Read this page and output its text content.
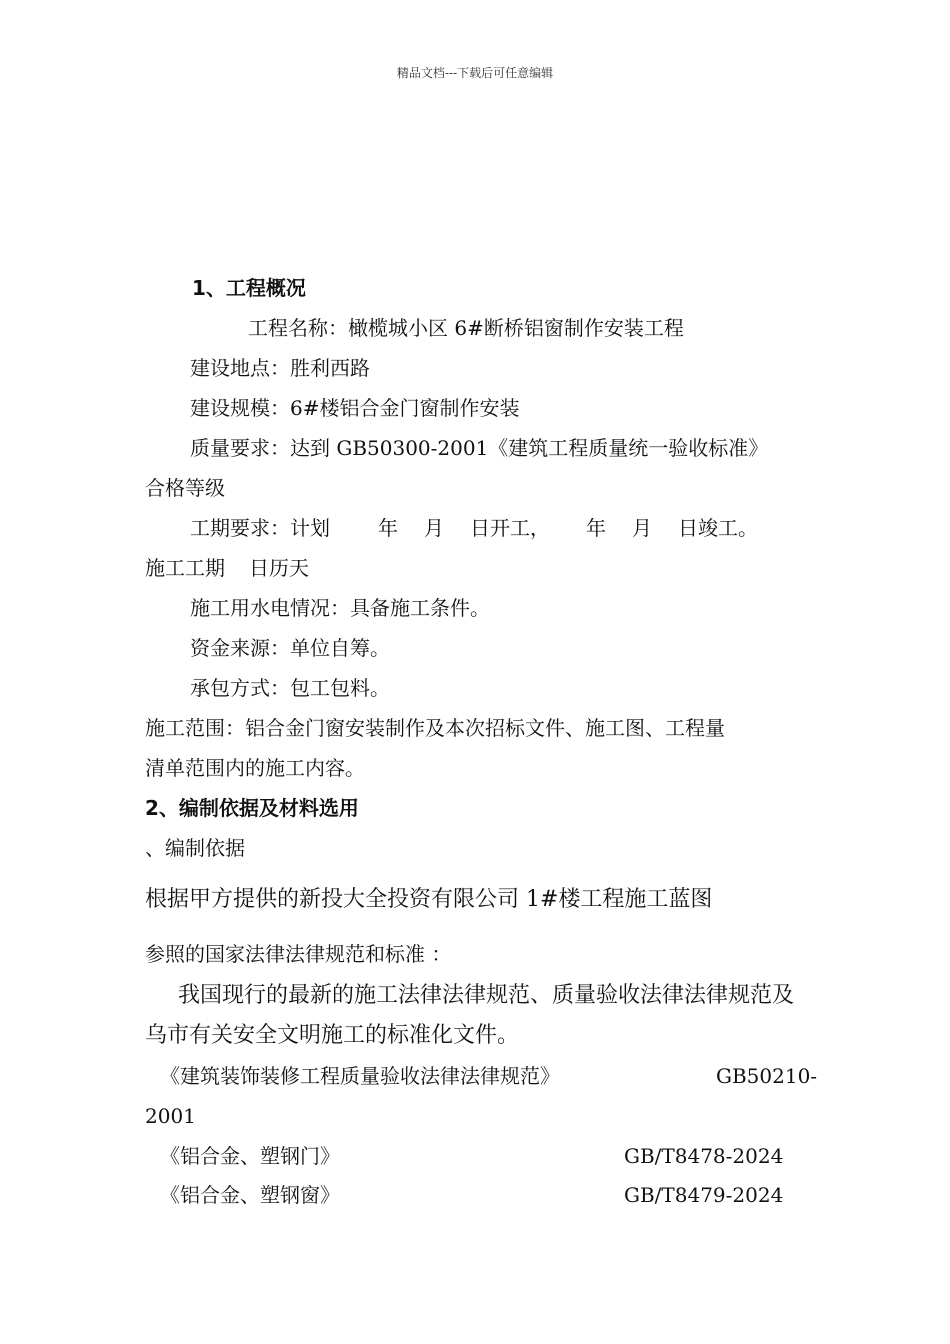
精品文档---下载后可任意编辑
1、工程概况
工程名称：橄榄城小区 6#断桥铝窗制作安装工程
建设地点：胜利西路
建设规模：6#楼铝合金门窗制作安装
质量要求：达到 GB50300-2001《建筑工程质量统一验收标准》
合格等级
工期要求：计划 年 月 日开工， 年 月 日竣工。
施工工期 日历天
施工用水电情况：具备施工条件。
资金来源：单位自筹。
承包方式：包工包料。
施工范围：铝合金门窗安装制作及本次招标文件、施工图、工程量
清单范围内的施工内容。
2、编制依据及材料选用
、编制依据
根据甲方提供的新投大全投资有限公司 1#楼工程施工蓝图
参照的国家法律法律规范和标准 ：
我国现行的最新的施工法律法律规范、质量验收法律法律规范及
乌市有关安全文明施工的标准化文件。
《建筑装饰装修工程质量验收法律法律规范》	GB50210-
2001
《铝合金、塑钢门》	GB/T8478-2024
《铝合金、塑钢窗》	GB/T8479-2024
